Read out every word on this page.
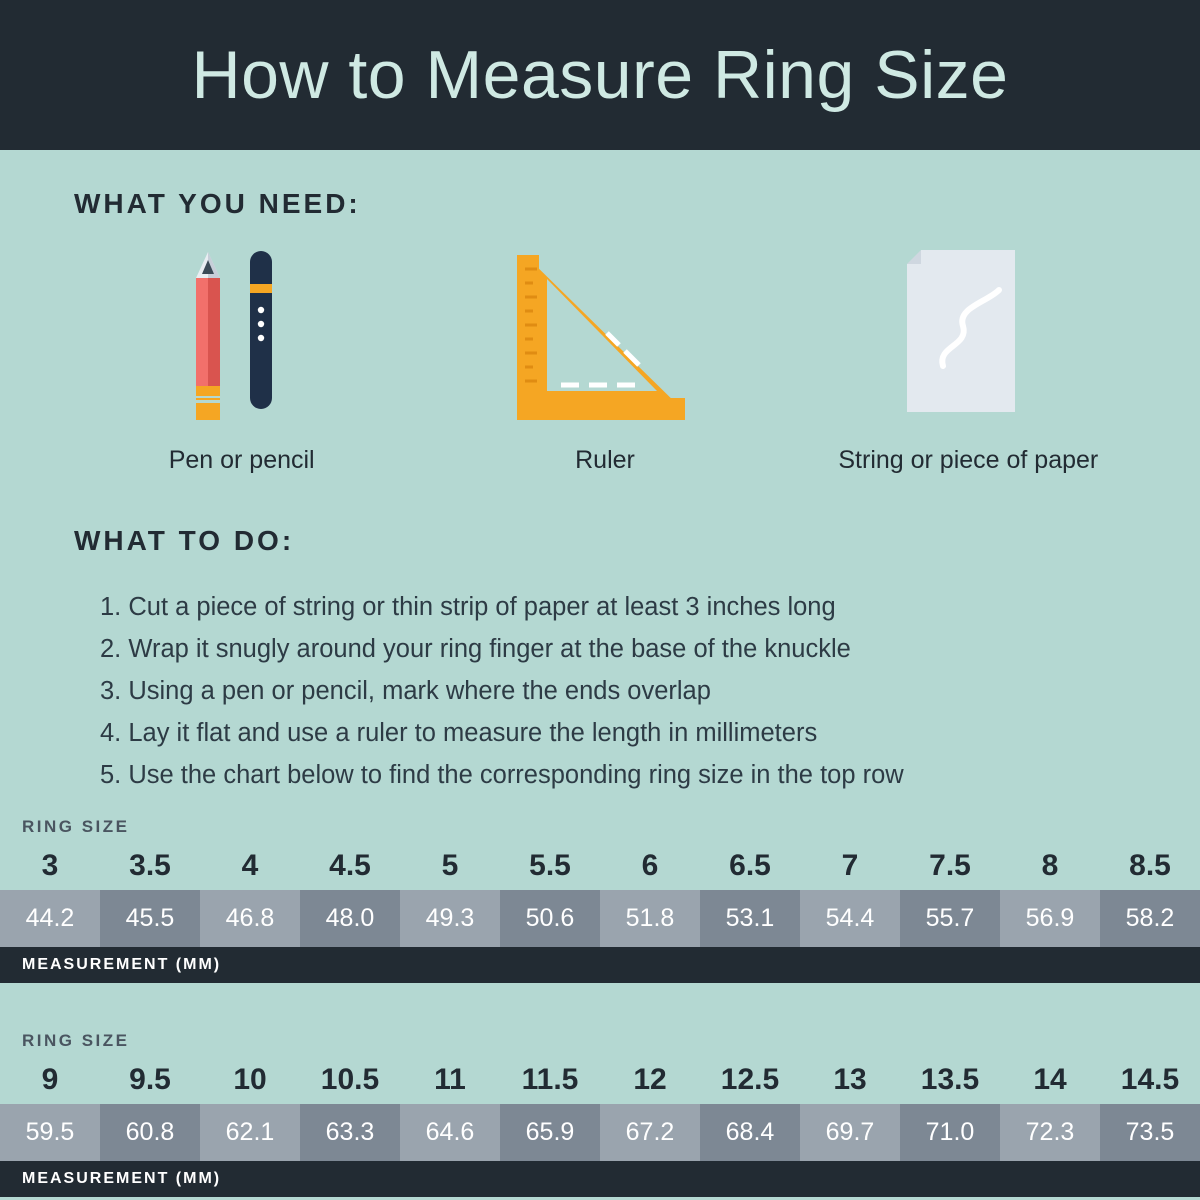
How to Measure Ring Size
WHAT YOU NEED:
Pen or pencil	Ruler	String or piece of paper
WHAT TO DO:
1. Cut a piece of string or thin strip of paper at least 3 inches long
2. Wrap it snugly around your ring finger at the base of the knuckle
3. Using a pen or pencil, mark where the ends overlap
4. Lay it flat and use a ruler to measure the length in millimeters
5. Use the chart below to find the corresponding ring size in the top row
RING SIZE
3	3.5	4	4.5	5	5.5	6	6.5	7	7.5	8	8.5
44.2	45.5	46.8	48.0	49.3	50.6	51.8	53.1	54.4	55.7	56.9	58.2
MEASUREMENT (MM)
RING SIZE
9	9.5	10	10.5	11	11.5	12	12.5	13	13.5	14	14.5
59.5	60.8	62.1	63.3	64.6	65.9	67.2	68.4	69.7	71.0	72.3	73.5
MEASUREMENT (MM)
